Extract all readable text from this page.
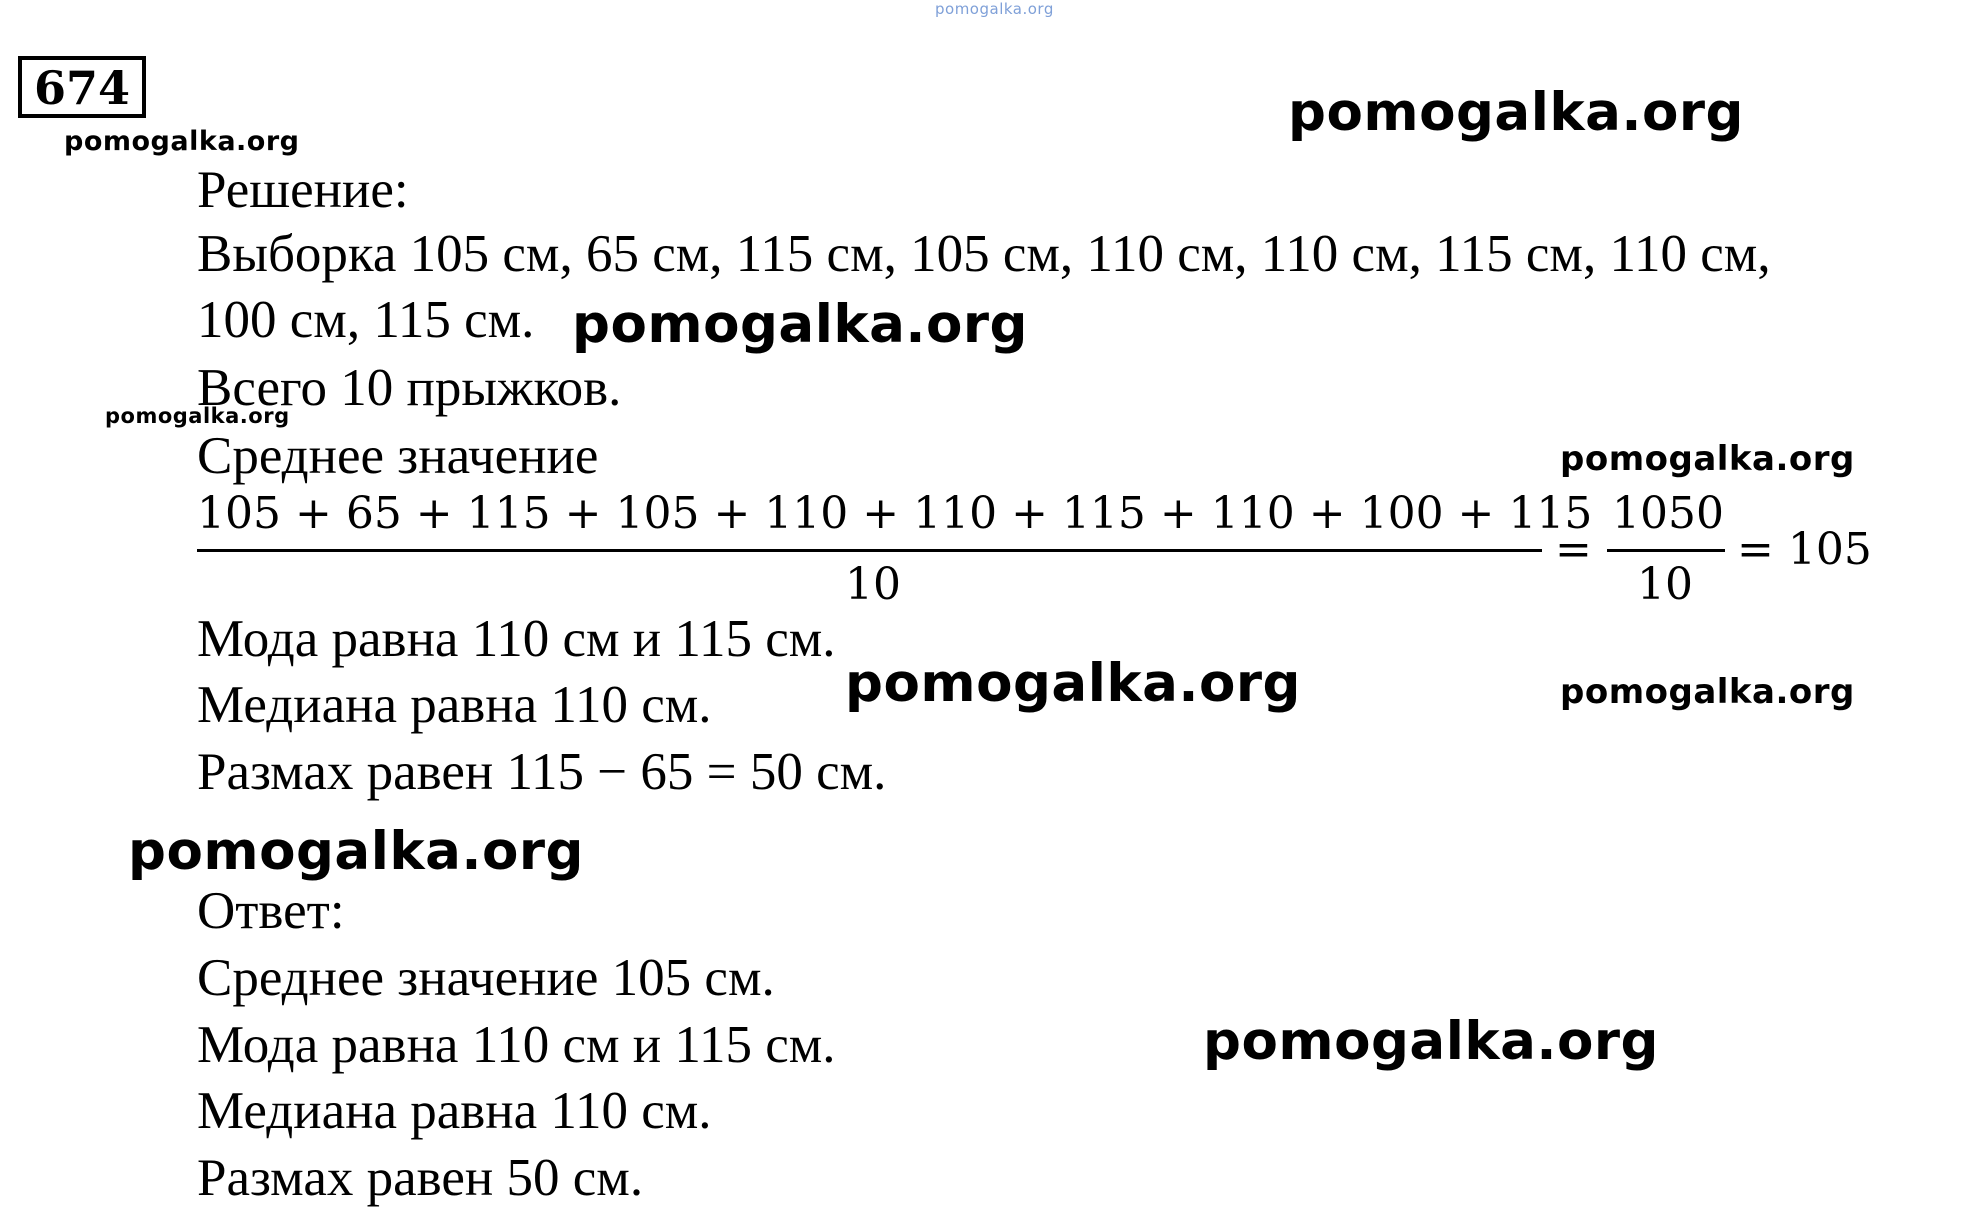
pomogalka.org
pomogalka.org
pomogalka.org
pomogalka.org
pomogalka.org
pomogalka.org
pomogalka.org	pomogalka.org
pomogalka.org
pomogalka.org
674
Решение:
Выборка 105 см, 65 см, 115 см, 105 см, 110 см, 110 см, 115 см, 110 см,
100 см, 115 см.
Всего 10 прыжков.
Среднее значение
105 + 65 + 115 + 105 + 110 + 110 + 115 + 110 + 100 + 115
10
=
1050
10
= 105
Мода равна 110 см и 115 см.
Медиана равна 110 см.
Размах равен 115 − 65 = 50 см.
Ответ:
Среднее значение 105 см.
Мода равна 110 см и 115 см.
Медиана равна 110 см.
Размах равен 50 см.
